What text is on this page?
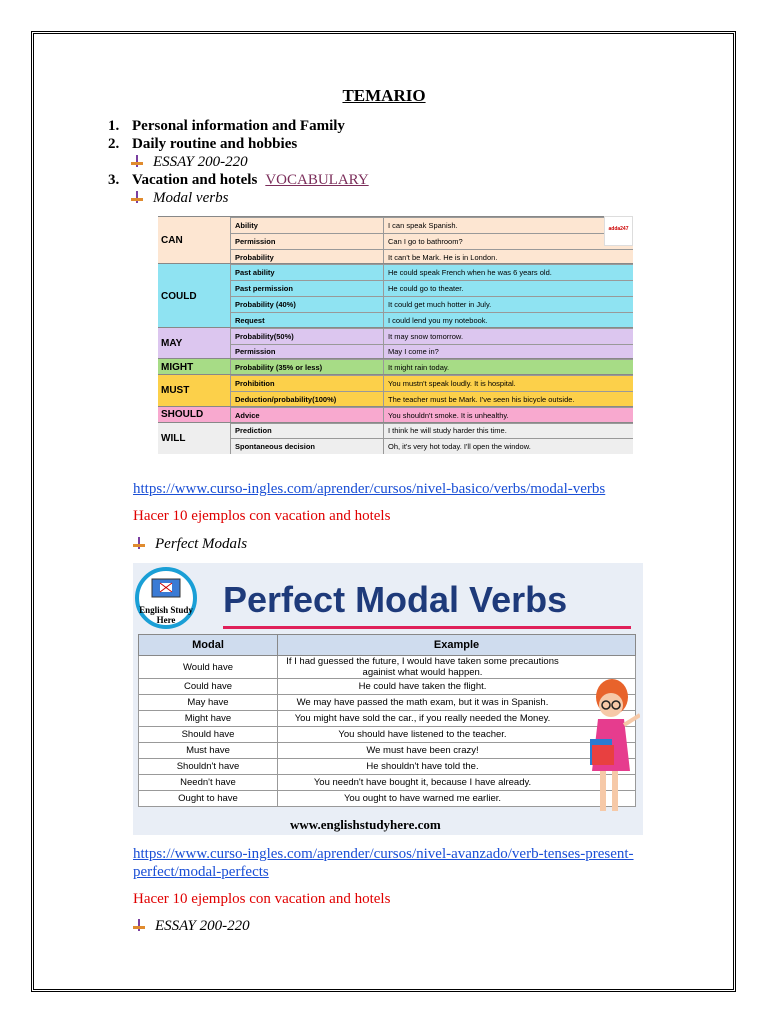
TEMARIO
1. Personal information and Family
2. Daily routine and hobbies
ESSAY 200-220
3. Vacation and hotels VOCABULARY
Modal verbs
CAN
Ability	I can speak Spanish.
Permission	Can I go to bathroom?
Probability	It can't be Mark. He is in London.
COULD
Past ability	He could speak French when he was 6 years old.
Past permission	He could go to theater.
Probability (40%)	It could get much hotter in July.
Request	I could lend you my notebook.
MAY
Probability(50%)	It may snow tomorrow.
Permission	May I come in?
MIGHT	Probability (35% or less)	It might rain today.
MUST
Prohibition	You mustn't speak loudly. It is hospital.
Deduction/probability(100%)	The teacher must be Mark. I've seen his bicycle outside.
SHOULD	Advice	You shouldn't smoke. It is unhealthy.
WILL
Prediction	I think he will study harder this time.
Spontaneous decision	Oh, it's very hot today. I'll open the window.
adda247
https://www.curso-ingles.com/aprender/cursos/nivel-basico/verbs/modal-verbs
Hacer 10 ejemplos con vacation and hotels
Perfect Modals
English Study Here	Perfect Modal Verbs
Modal	Example
Would have	If I had guessed the future, I would have taken some precautions againist what would happen.
Could have	He could have taken the flight.
May have	We may have passed the math exam, but it was in Spanish.
Might have	You might have sold the car., if you really needed the Money.
Should have	You should have listened to the teacher.
Must have	We must have been crazy!
Shouldn't have	He shouldn't have told the.
Needn't have	You needn't have bought it, because I have already.
Ought to have	You ought to have warned me earlier.
www.englishstudyhere.com
https://www.curso-ingles.com/aprender/cursos/nivel-avanzado/verb-tenses-present-
perfect/modal-perfects
Hacer 10 ejemplos con vacation and hotels
ESSAY 200-220
